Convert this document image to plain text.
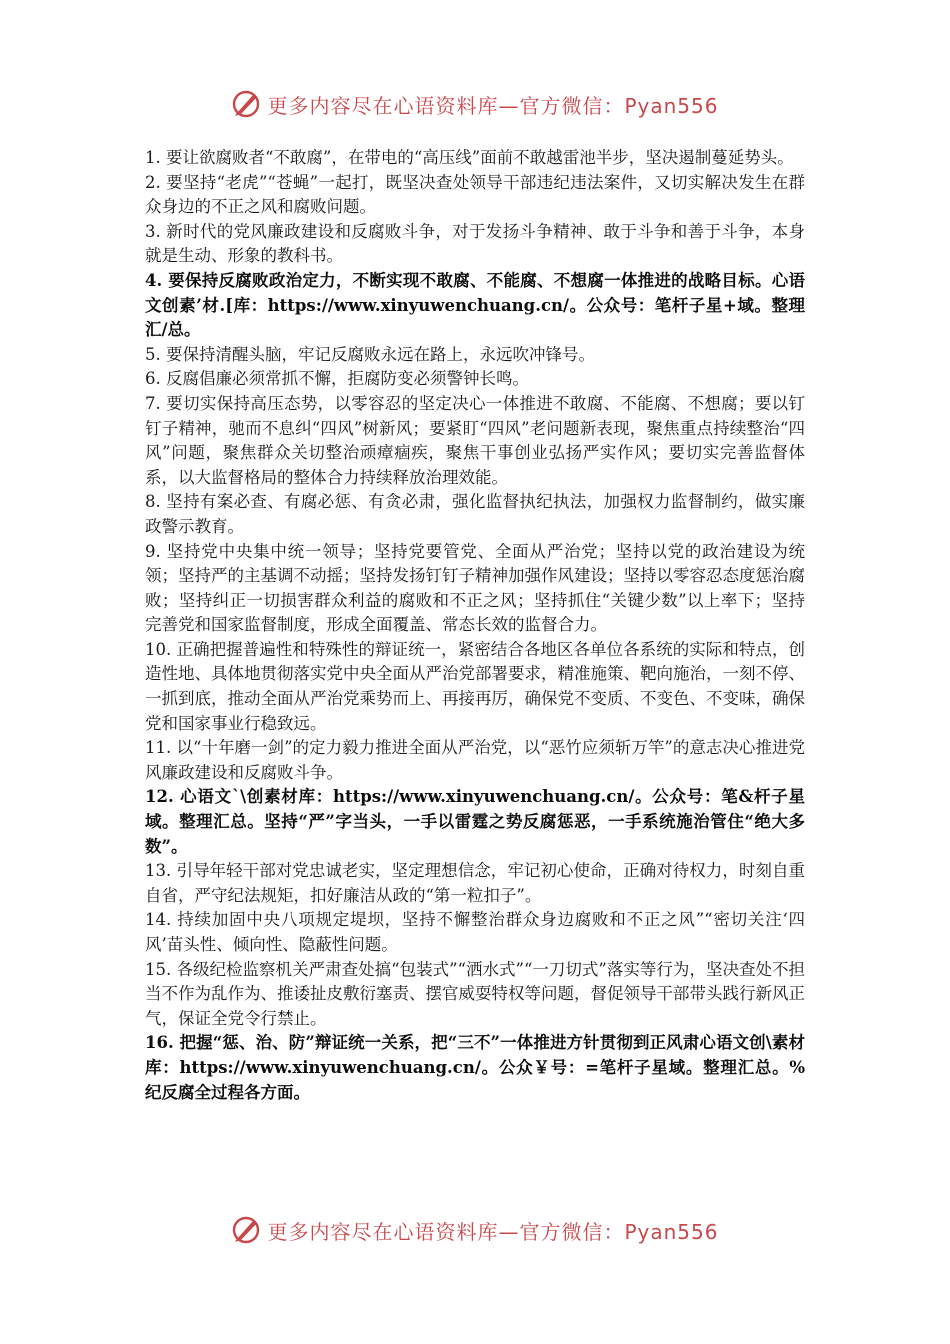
更多内容尽在心语资料库—官方微信：Pyan556

1. 要让欲腐败者“不敢腐”，在带电的“高压线”面前不敢越雷池半步，坚决遏制蔓延势头。

2. 要坚持“老虎”“苍蝇”一起打，既坚决查处领导干部违纪违法案件，又切实解决发生在群众身边的不正之风和腐败问题。

3. 新时代的党风廉政建设和反腐败斗争，对于发扬斗争精神、敢于斗争和善于斗争，本身就是生动、形象的教科书。

4. 要保持反腐败政治定力，不断实现不敢腐、不能腐、不想腐一体推进的战略目标。心语文创素’材.[库：https://www.xinyuwenchuang.cn/。公众号：笔杆子星+域。整理汇/总。

5. 要保持清醒头脑，牢记反腐败永远在路上，永远吹冲锋号。

6. 反腐倡廉必须常抓不懈，拒腐防变必须警钟长鸣。

7. 要切实保持高压态势，以零容忍的坚定决心一体推进不敢腐、不能腐、不想腐；要以钉钉子精神，驰而不息纠“四风”树新风；要紧盯“四风”老问题新表现，聚焦重点持续整治“四风”问题，聚焦群众关切整治顽瘴痼疾，聚焦干事创业弘扬严实作风；要切实完善监督体系，以大监督格局的整体合力持续释放治理效能。

8. 坚持有案必查、有腐必惩、有贪必肃，强化监督执纪执法，加强权力监督制约，做实廉政警示教育。

9. 坚持党中央集中统一领导；坚持党要管党、全面从严治党；坚持以党的政治建设为统领；坚持严的主基调不动摇；坚持发扬钉钉子精神加强作风建设；坚持以零容忍态度惩治腐败；坚持纠正一切损害群众利益的腐败和不正之风；坚持抓住“关键少数”以上率下；坚持完善党和国家监督制度，形成全面覆盖、常态长效的监督合力。

10. 正确把握普遍性和特殊性的辩证统一，紧密结合各地区各单位各系统的实际和特点，创造性地、具体地贯彻落实党中央全面从严治党部署要求，精准施策、靶向施治，一刻不停、一抓到底，推动全面从严治党乘势而上、再接再厉，确保党不变质、不变色、不变味，确保党和国家事业行稳致远。

11. 以“十年磨一剑”的定力毅力推进全面从严治党，以“恶竹应须斩万竿”的意志决心推进党风廉政建设和反腐败斗争。

12. 心语文`\创素材库：https://www.xinyuwenchuang.cn/。公众号：笔&杆子星域。整理汇总。坚持“严”字当头，一手以雷霆之势反腐惩恶，一手系统施治管住“绝大多数”。

13. 引导年轻干部对党忠诚老实，坚定理想信念，牢记初心使命，正确对待权力，时刻自重自省，严守纪法规矩，扣好廉洁从政的“第一粒扣子”。

14. 持续加固中央八项规定堤坝，坚持不懈整治群众身边腐败和不正之风”“密切关注‘四风’苗头性、倾向性、隐蔽性问题。

15. 各级纪检监察机关严肃查处搞“包装式”“洒水式”“一刀切式”落实等行为，坚决查处不担当不作为乱作为、推诿扯皮敷衍塞责、摆官威耍特权等问题，督促领导干部带头践行新风正气，保证全党令行禁止。

16. 把握“惩、治、防”辩证统一关系，把“三不”一体推进方针贯彻到正风肃心语文创\素材库：https://www.xinyuwenchuang.cn/。公众￥号：=笔杆子星域。整理汇总。%纪反腐全过程各方面。

更多内容尽在心语资料库—官方微信：Pyan556
